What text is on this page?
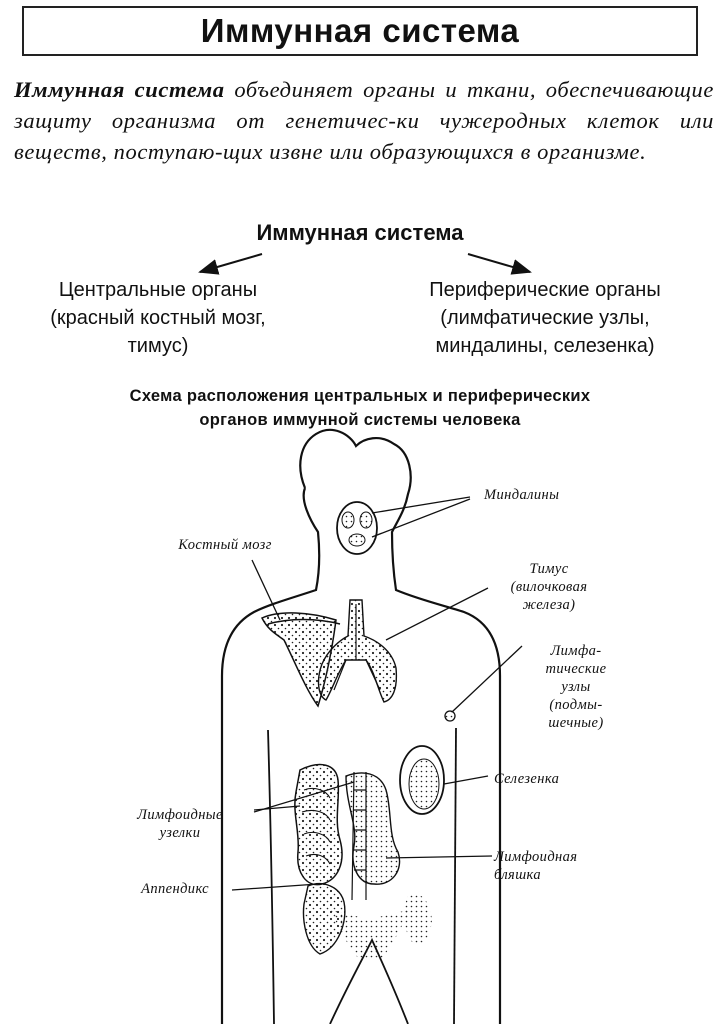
Иммунная система
Иммунная система объединяет органы и ткани, обеспечивающие защиту организма от генетичес-ки чужеродных клеток или веществ, поступаю-щих извне или образующихся в организме.
Иммунная система
Центральные органы
(красный костный мозг,
тимус)
Периферические органы
(лимфатические узлы,
миндалины, селезенка)
Схема расположения центральных и периферических
органов иммунной системы человека
Миндалины
Костный мозг
Тимус
(вилочковая
железа)
Лимфа-
тические
узлы
(подмы-
шечные)
Селезенка
Лимфоидные
узелки
Аппендикс
Лимфоидная
бляшка
